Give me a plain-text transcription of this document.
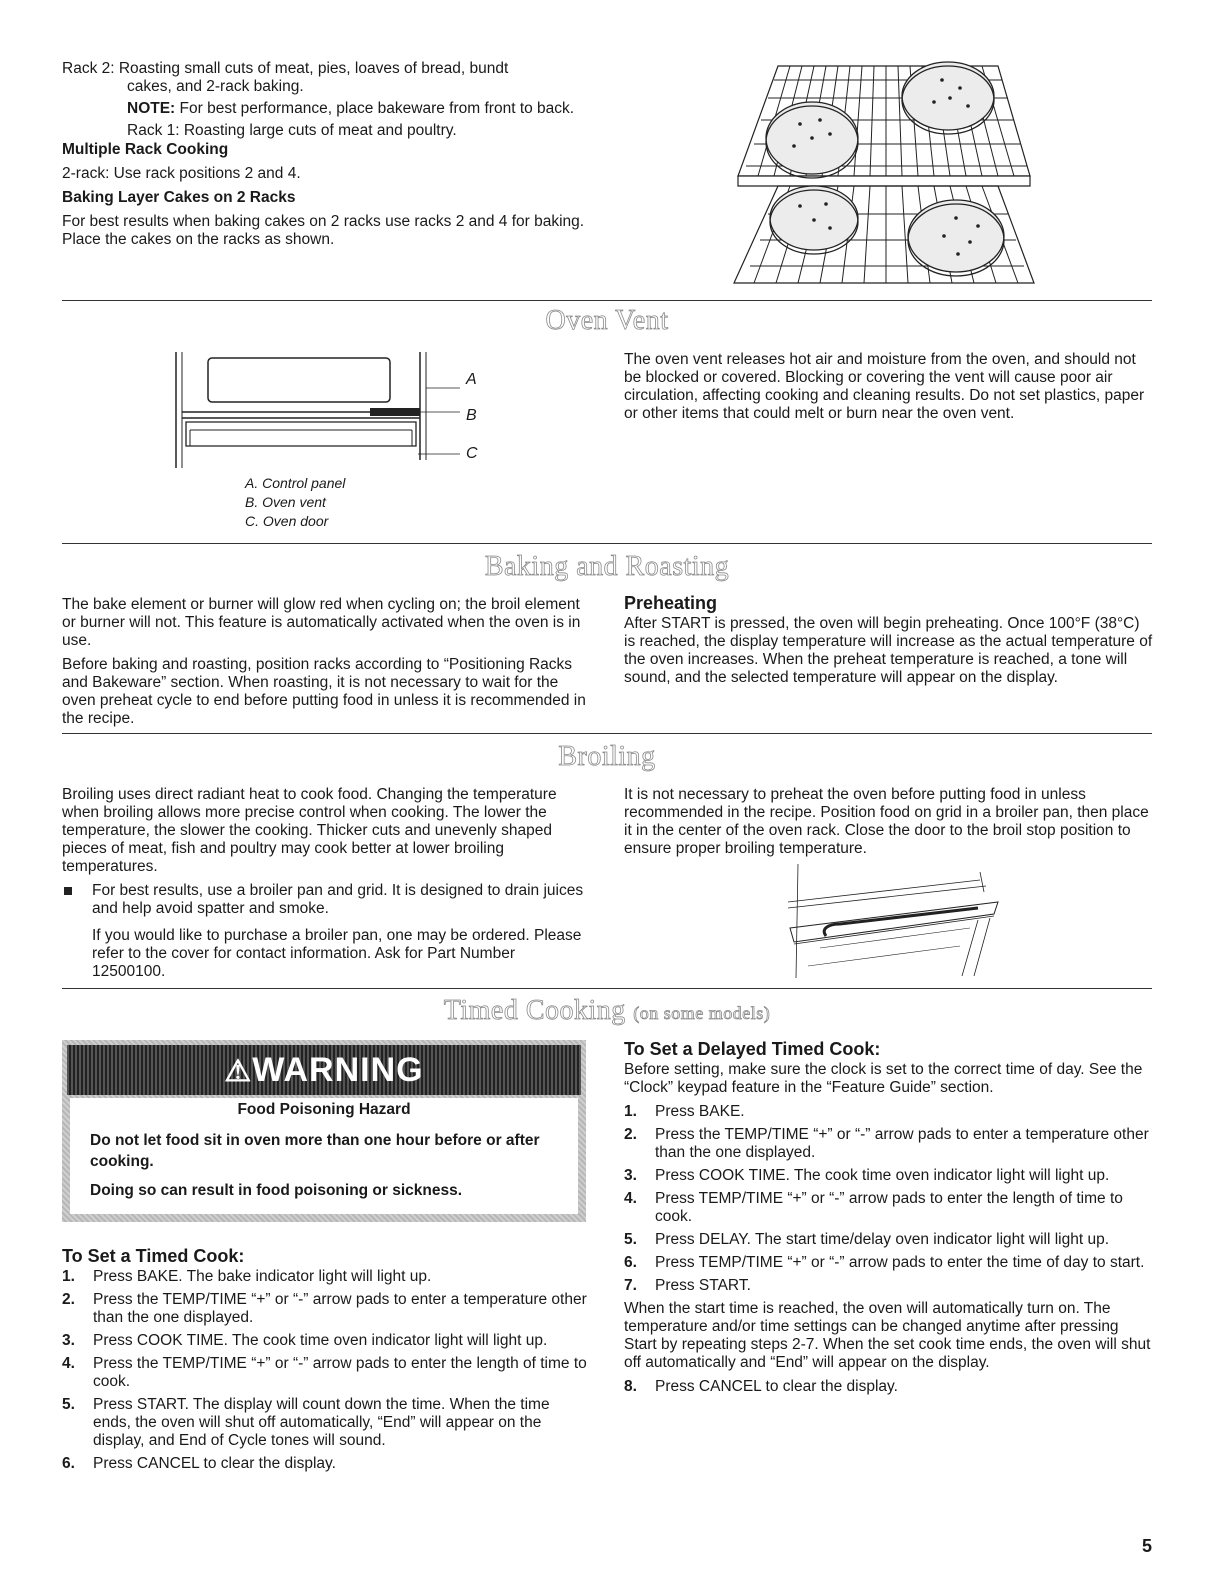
Rack 2: Roasting small cuts of meat, pies, loaves of bread, bundt

cakes, and 2-rack baking.

NOTE: For best performance, place bakeware from front to back.

Rack 1: Roasting large cuts of meat and poultry.

Multiple Rack Cooking

2-rack: Use rack positions 2 and 4.

Baking Layer Cakes on 2 Racks

For best results when baking cakes on 2 racks use racks 2 and 4 for baking. Place the cakes on the racks as shown.

Oven Vent
A
B
C

A. Control panel

B. Oven vent

C. Oven door

The oven vent releases hot air and moisture from the oven, and should not be blocked or covered. Blocking or covering the vent will cause poor air circulation, affecting cooking and cleaning results. Do not set plastics, paper or other items that could melt or burn near the oven vent.

Baking and Roasting

The bake element or burner will glow red when cycling on; the broil element or burner will not. This feature is automatically activated when the oven is in use.

Before baking and roasting, position racks according to “Positioning Racks and Bakeware” section. When roasting, it is not necessary to wait for the oven preheat cycle to end before putting food in unless it is recommended in the recipe.

Preheating

After START is pressed, the oven will begin preheating. Once 100°F (38°C) is reached, the display temperature will increase as the actual temperature of the oven increases. When the preheat temperature is reached, a tone will sound, and the selected temperature will appear on the display.

Broiling

Broiling uses direct radiant heat to cook food. Changing the temperature when broiling allows more precise control when cooking. The lower the temperature, the slower the cooking. Thicker cuts and unevenly shaped pieces of meat, fish and poultry may cook better at lower broiling temperatures.

For best results, use a broiler pan and grid. It is designed to drain juices and help avoid spatter and smoke.

If you would like to purchase a broiler pan, one may be ordered. Please refer to the cover for contact information. Ask for Part Number 12500100.

It is not necessary to preheat the oven before putting food in unless recommended in the recipe. Position food on grid in a broiler pan, then place it in the center of the oven rack. Close the door to the broil stop position to ensure proper broiling temperature.

Timed Cooking (on some models)
⚠WARNING

Food Poisoning Hazard

Do not let food sit in oven more than one hour before or after cooking.

Doing so can result in food poisoning or sickness.

To Set a Timed Cook:

1. Press BAKE. The bake indicator light will light up.
2. Press the TEMP/TIME “+” or “-” arrow pads to enter a temperature other than the one displayed.
3. Press COOK TIME. The cook time oven indicator light will light up.
4. Press the TEMP/TIME “+” or “-” arrow pads to enter the length of time to cook.
5. Press START. The display will count down the time. When the time ends, the oven will shut off automatically, “End” will appear on the display, and End of Cycle tones will sound.
6. Press CANCEL to clear the display.

To Set a Delayed Timed Cook:

Before setting, make sure the clock is set to the correct time of day. See the “Clock” keypad feature in the “Feature Guide” section.

1. Press BAKE.
2. Press the TEMP/TIME “+” or “-” arrow pads to enter a temperature other than the one displayed.
3. Press COOK TIME. The cook time oven indicator light will light up.
4. Press TEMP/TIME “+” or “-” arrow pads to enter the length of time to cook.
5. Press DELAY. The start time/delay oven indicator light will light up.
6. Press TEMP/TIME “+” or “-” arrow pads to enter the time of day to start.
7. Press START.

When the start time is reached, the oven will automatically turn on. The temperature and/or time settings can be changed anytime after pressing Start by repeating steps 2-7. When the set cook time ends, the oven will shut off automatically and “End” will appear on the display.

8. Press CANCEL to clear the display.
5
